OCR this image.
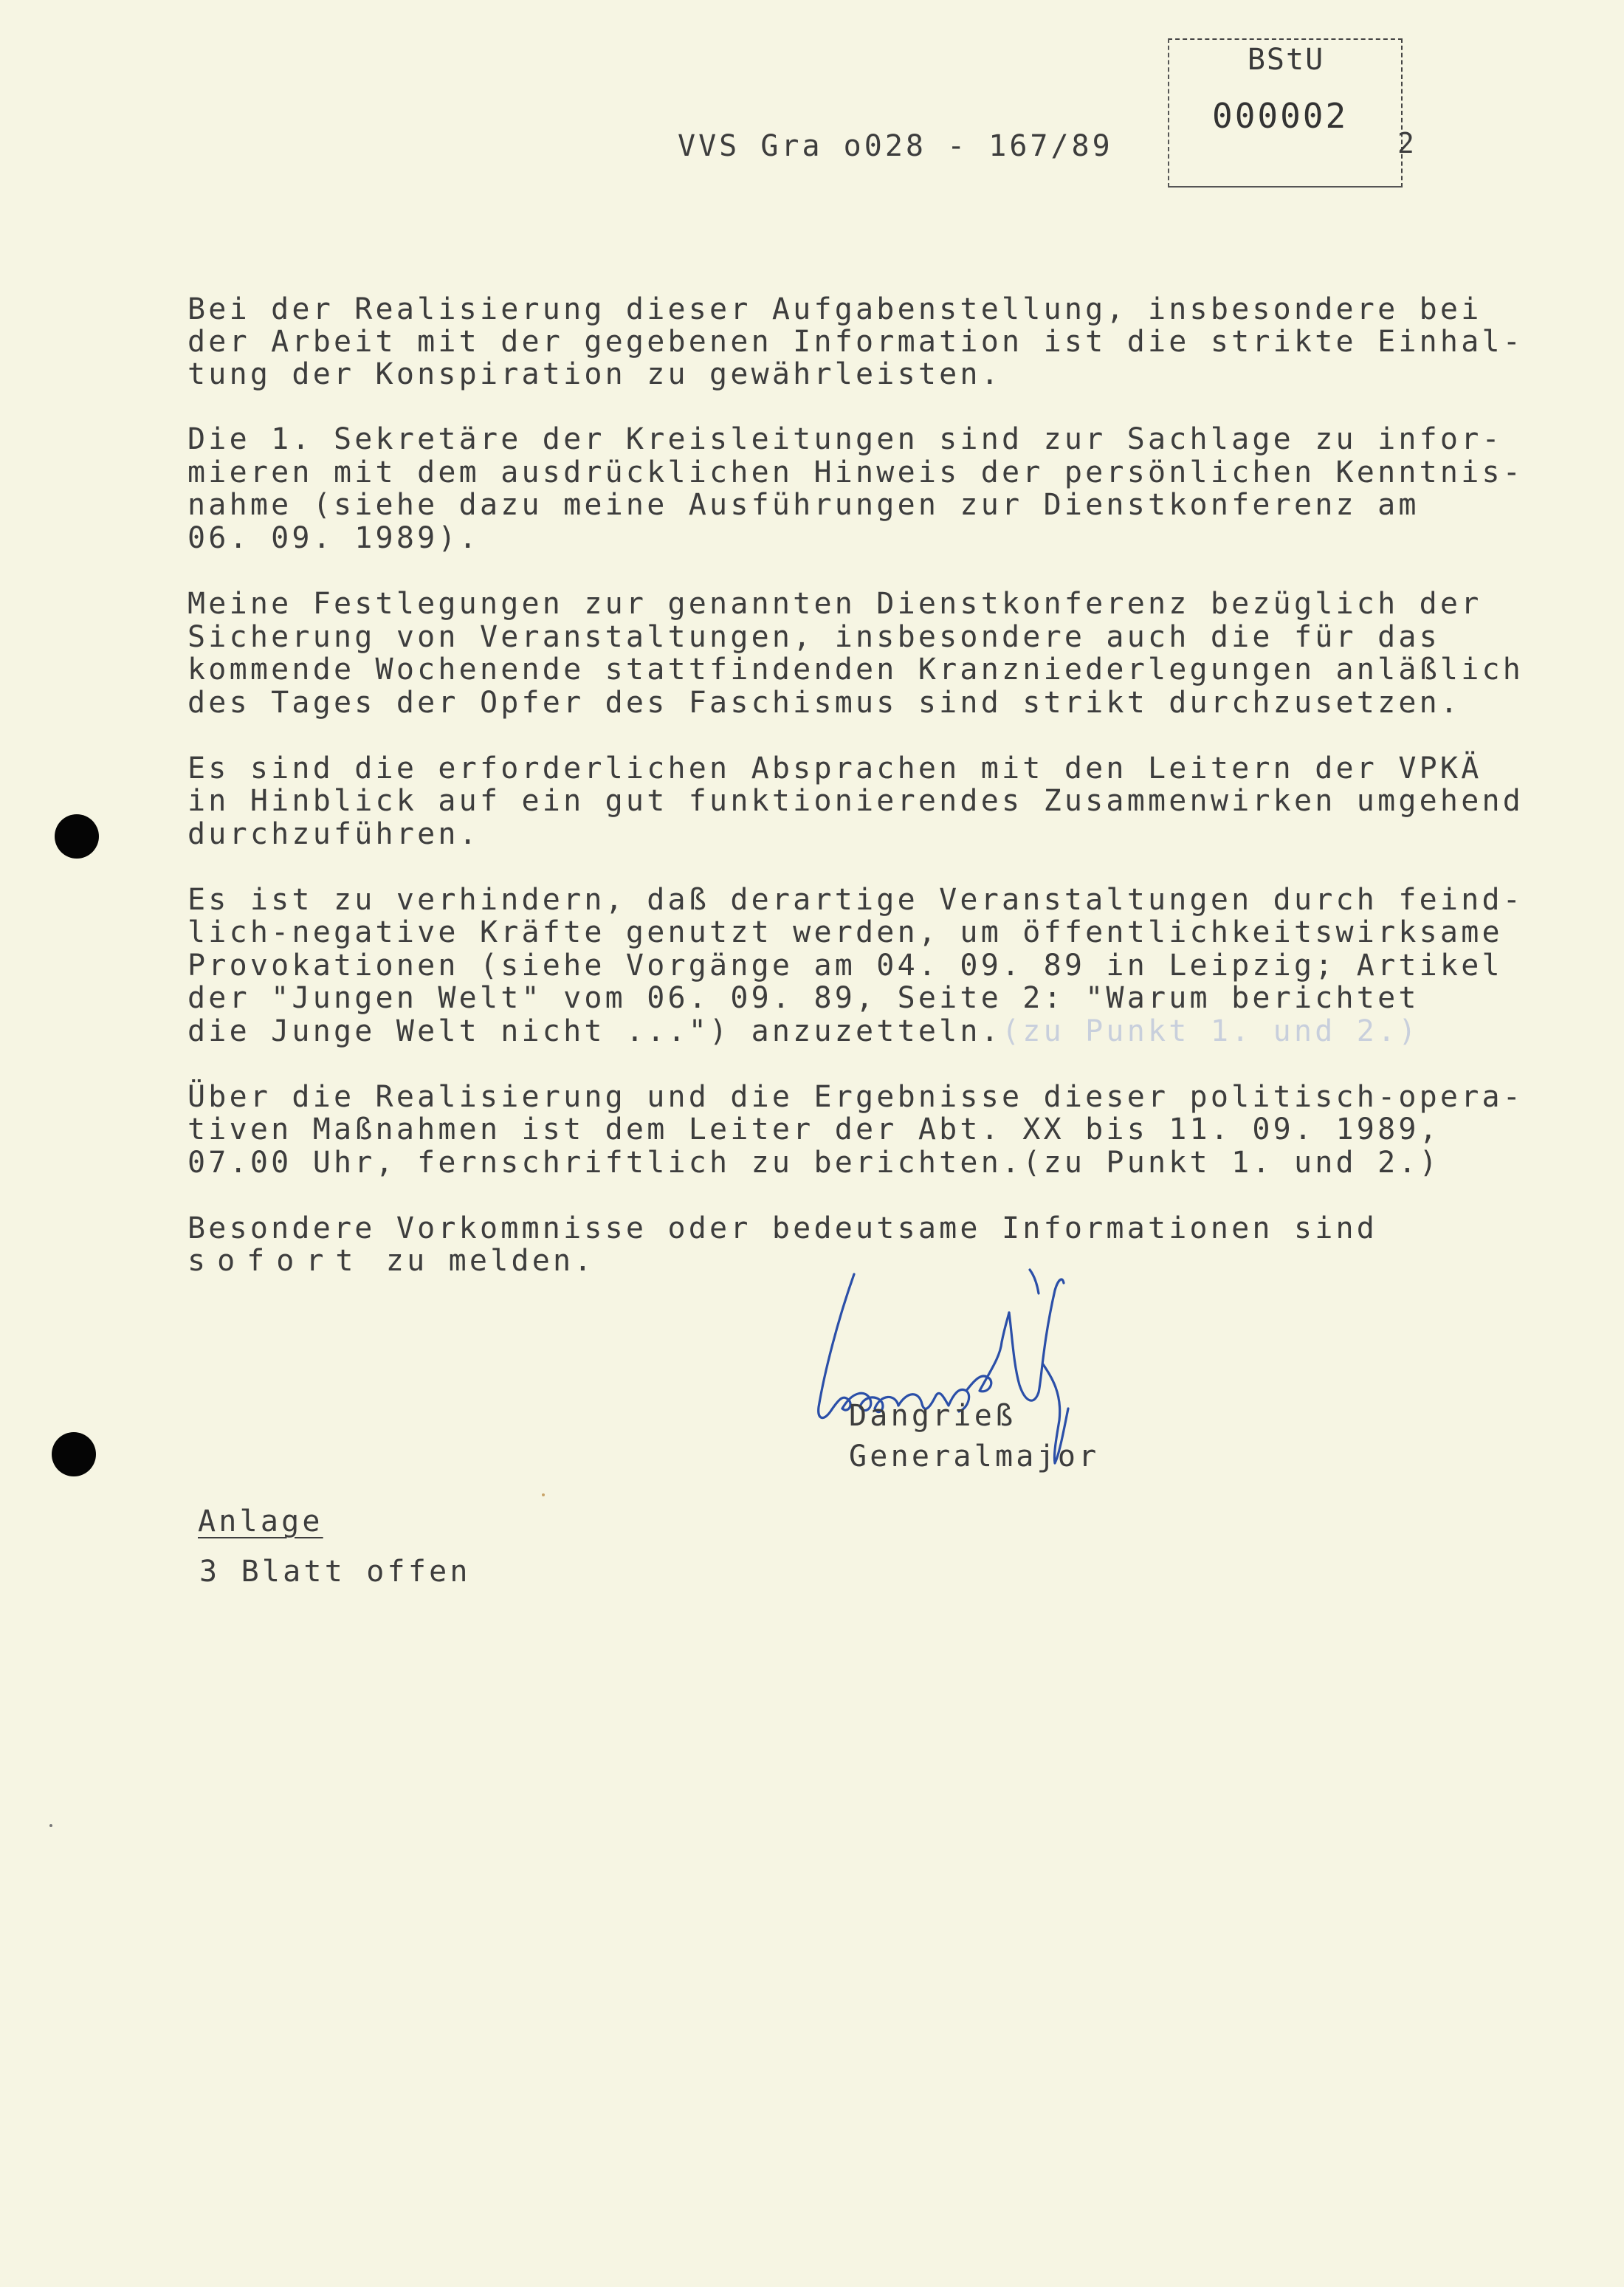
VVS Gra o028 - 167/89
BStU
000002
2
Bei der Realisierung dieser Aufgabenstellung, insbesondere bei
der Arbeit mit der gegebenen Information ist die strikte Einhal-
tung der Konspiration zu gewährleisten.
Die 1. Sekretäre der Kreisleitungen sind zur Sachlage zu infor-
mieren mit dem ausdrücklichen Hinweis der persönlichen Kenntnis-
nahme (siehe dazu meine Ausführungen zur Dienstkonferenz am
06. 09. 1989).
Meine Festlegungen zur genannten Dienstkonferenz bezüglich der
Sicherung von Veranstaltungen, insbesondere auch die für das
kommende Wochenende stattfindenden Kranzniederlegungen anläßlich
des Tages der Opfer des Faschismus sind strikt durchzusetzen.
Es sind die erforderlichen Absprachen mit den Leitern der VPKÄ
in Hinblick auf ein gut funktionierendes Zusammenwirken umgehend
durchzuführen.
Es ist zu verhindern, daß derartige Veranstaltungen durch feind-
lich-negative Kräfte genutzt werden, um öffentlichkeitswirksame
Provokationen (siehe Vorgänge am 04. 09. 89 in Leipzig; Artikel
der "Jungen Welt" vom 06. 09. 89, Seite 2: "Warum berichtet
die Junge Welt nicht ...") anzuzetteln.(zu Punkt 1. und 2.)
Über die Realisierung und die Ergebnisse dieser politisch-opera-
tiven Maßnahmen ist dem Leiter der Abt. XX bis 11. 09. 1989,
07.00 Uhr, fernschriftlich zu berichten.(zu Punkt 1. und 2.)
Besondere Vorkommnisse oder bedeutsame Informationen sind
sofort zu melden.
Dangrieß
Generalmajor
Anlage
3 Blatt offen
